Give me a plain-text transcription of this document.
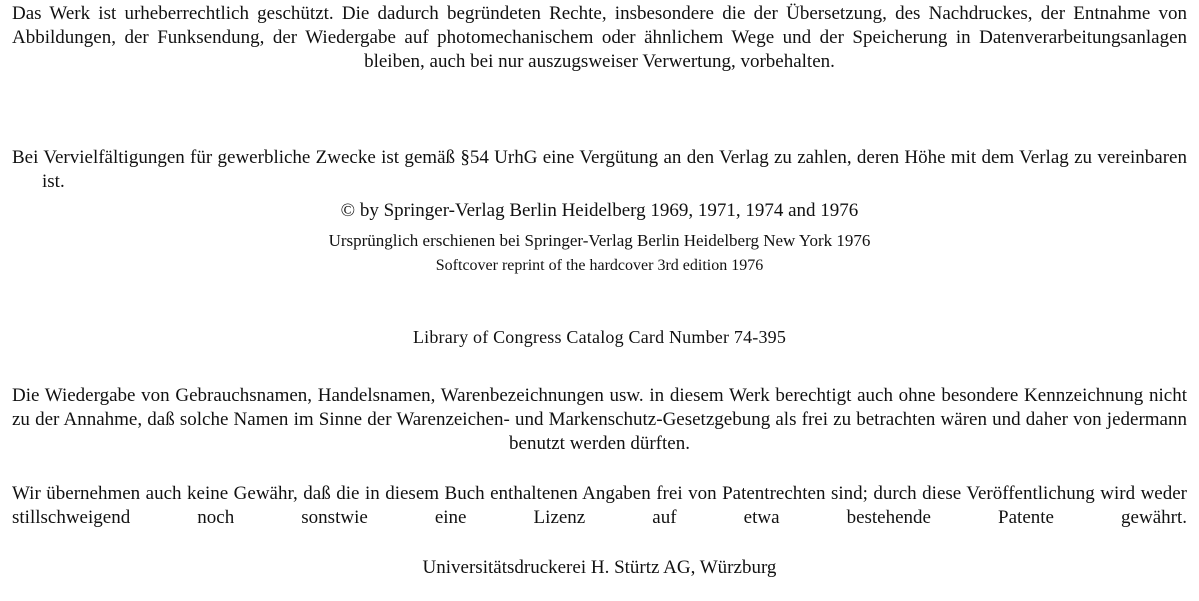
Das Werk ist urheberrechtlich geschützt. Die dadurch begründeten Rechte, insbesondere die der Übersetzung, des Nachdruckes, der Entnahme von Abbildungen, der Funksendung, der Wiedergabe auf photomechanischem oder ähnlichem Wege und der Speicherung in Datenverarbeitungsanlagen bleiben, auch bei nur auszugsweiser Verwertung, vorbehalten.

Bei Vervielfältigungen für gewerbliche Zwecke ist gemäß §54 UrhG eine Vergütung an den Verlag zu zahlen, deren Höhe mit dem Verlag zu vereinbaren ist.

© by Springer-Verlag Berlin Heidelberg 1969, 1971, 1974 and 1976

Ursprünglich erschienen bei Springer-Verlag Berlin Heidelberg New York 1976

Softcover reprint of the hardcover 3rd edition 1976

Library of Congress Catalog Card Number 74-395

Die Wiedergabe von Gebrauchsnamen, Handelsnamen, Warenbezeichnungen usw. in diesem Werk berechtigt auch ohne besondere Kennzeichnung nicht zu der Annahme, daß solche Namen im Sinne der Warenzeichen- und Markenschutz-Gesetzgebung als frei zu betrachten wären und daher von jedermann benutzt werden dürften.

Wir übernehmen auch keine Gewähr, daß die in diesem Buch enthaltenen Angaben frei von Patentrechten sind; durch diese Veröffentlichung wird weder stillschweigend noch sonstwie eine Lizenz auf etwa bestehende Patente gewährt.

Universitätsdruckerei H. Stürtz AG, Würzburg
